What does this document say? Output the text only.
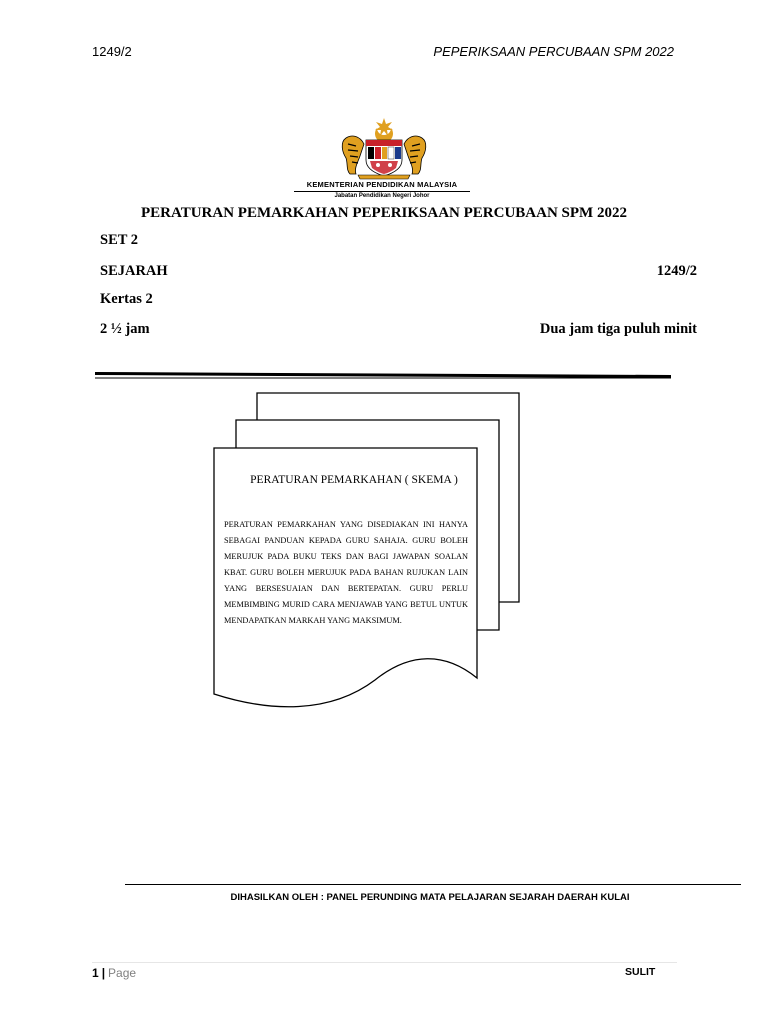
1249/2	PEPERIKSAAN PERCUBAAN SPM 2022
KEMENTERIAN PENDIDIKAN MALAYSIA
Jabatan Pendidikan Negeri Johor
PERATURAN PEMARKAHAN PEPERIKSAAN PERCUBAAN SPM 2022
SET 2
SEJARAH	1249/2
Kertas 2
2 ½ jam	Dua jam tiga puluh minit
PERATURAN PEMARKAHAN ( SKEMA )
PERATURAN PEMARKAHAN YANG DISEDIAKAN INI HANYA SEBAGAI PANDUAN KEPADA GURU SAHAJA. GURU BOLEH MERUJUK PADA BUKU TEKS DAN BAGI JAWAPAN SOALAN KBAT. GURU BOLEH MERUJUK PADA BAHAN RUJUKAN LAIN YANG BERSESUAIAN DAN BERTEPATAN. GURU PERLU MEMBIMBING MURID CARA MENJAWAB YANG BETUL UNTUK MENDAPATKAN MARKAH YANG MAKSIMUM.
DIHASILKAN OLEH : PANEL PERUNDING MATA PELAJARAN SEJARAH DAERAH KULAI
1 | Page	SULIT
